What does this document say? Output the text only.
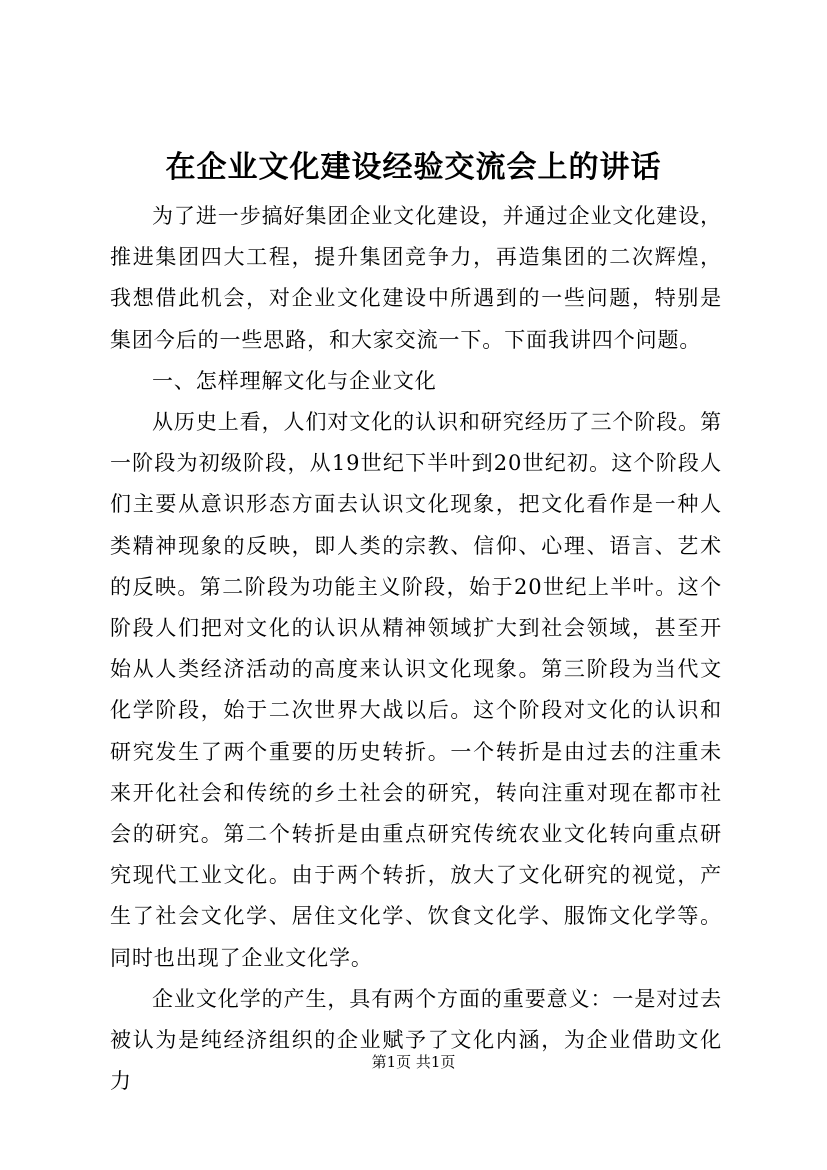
在企业文化建设经验交流会上的讲话

为了进一步搞好集团企业文化建设，并通过企业文化建设，推进集团四大工程，提升集团竞争力，再造集团的二次辉煌，我想借此机会，对企业文化建设中所遇到的一些问题，特别是集团今后的一些思路，和大家交流一下。下面我讲四个问题。

一、怎样理解文化与企业文化

从历史上看，人们对文化的认识和研究经历了三个阶段。第一阶段为初级阶段，从19世纪下半叶到20世纪初。这个阶段人们主要从意识形态方面去认识文化现象，把文化看作是一种人类精神现象的反映，即人类的宗教、信仰、心理、语言、艺术的反映。第二阶段为功能主义阶段，始于20世纪上半叶。这个阶段人们把对文化的认识从精神领域扩大到社会领域，甚至开始从人类经济活动的高度来认识文化现象。第三阶段为当代文化学阶段，始于二次世界大战以后。这个阶段对文化的认识和研究发生了两个重要的历史转折。一个转折是由过去的注重未来开化社会和传统的乡土社会的研究，转向注重对现在都市社会的研究。第二个转折是由重点研究传统农业文化转向重点研究现代工业文化。由于两个转折，放大了文化研究的视觉，产生了社会文化学、居住文化学、饮食文化学、服饰文化学等。同时也出现了企业文化学。

企业文化学的产生，具有两个方面的重要意义：一是对过去被认为是纯经济组织的企业赋予了文化内涵，为企业借助文化力

第1页 共1页
